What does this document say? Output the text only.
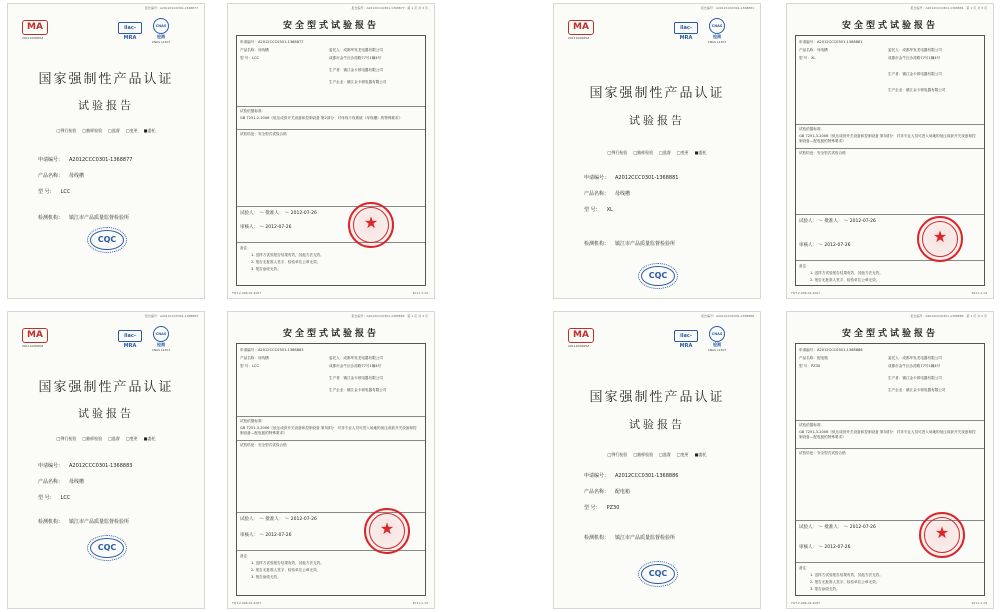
报告编号：A2012CCC0301-1368877
MA
2011100065Z
ilac-MRA
CNAS
检测
CNAS L1307
国家强制性产品认证
试验报告
□例行检验 □抽样检验 □监督 □变更 ■委托
申请编号： A2012CCC0301-1368877
产品名称： 母线槽
型 号： LCC
检测机构： 镇江市产品质量监督检验所
CQC
报告编号：A2012CCC0301-1368877 第 1 页 共 3 页
安全型式试验报告
申请编号：A2012CCC0301-1368877
委托人：成都华发龙电器有限公司
产品名称：母线槽
型 号：LCC	成都市金牛区沙湾路77号1幢4号
生产者：镇江金卡顿电器有限公司
生产企业：镇江金卡顿电器有限公司
试验依据标准：
GB 7251.2-2006《低压成套开关设备和控制设备 第2部分：对母线干线系统（母线槽）的特殊要求》
试验结论：安全型式试验合格
试验人： ～ 批准人： ～ 2012-07-26
审核人： ～ 2012-07-26
备注：
1. 送样方试验报告结果有效，其他方法无效。
2. 报告无批准人签字、检验单位公章无效。
3. 报告涂改无效。
★
TQT-2-096-02-2007	2011-1-19
报告编号：A2012CCC0301-1368881
MA
2011100065Z
ilac-MRA
CNAS
检测
CNAS L1307
国家强制性产品认证
试验报告
□例行检验 □抽样检验 □监督 □变更 ■委托
申请编号： A2012CCC0301-1368881
产品名称： 母线槽
型 号： XL
检测机构： 镇江市产品质量监督检验所
CQC
报告编号：A2012CCC0301-1368881 第 1 页 共 3 页
安全型式试验报告
申请编号：A2012CCC0301-1368881
产品名称：母线槽	委托人：成都华发龙电器有限公司
型 号：XL	成都市金牛区沙湾路77号1幢4号
生产者：镇江金卡顿电器有限公司
生产企业：镇江金卡顿电器有限公司
试验依据标准：
GB 7251.3-2006《低压成套开关设备和控制设备 第3部分：对非专业人员可进入场地的低压成套开关设备和控制设备—配电板的特殊要求》
试验结论：安全型式试验合格
试验人： ～ 批准人： ～ 2012-07-26
审核人： ～ 2012-07-26
备注：
1. 送样方试验报告结果有效，其他方法无效。
2. 报告无批准人签字、检验单位公章无效。
★
TQT-2-096-02-2007	2011-1-19
报告编号：A2012CCC0301-1368883
MA
2011100065Z
ilac-MRA
CNAS
检测
CNAS L1307
国家强制性产品认证
试验报告
□例行检验 □抽样检验 □监督 □变更 ■委托
申请编号： A2012CCC0301-1368883
产品名称： 母线槽
型 号： LCC
检测机构： 镇江市产品质量监督检验所
CQC
报告编号：A2012CCC0301-1368883 第 1 页 共 3 页
安全型式试验报告
申请编号：A2012CCC0301-1368883
产品名称：母线槽	委托人：成都华发龙电器有限公司
型 号：LCC	成都市金牛区沙湾路77号1幢4号
生产者：镇江金卡顿电器有限公司
生产企业：镇江金卡顿电器有限公司
试验依据标准：
GB 7251.3-2006《低压成套开关设备和控制设备 第3部分：对非专业人员可进入场地的低压成套开关设备和控制设备—配电板的特殊要求》
试验结论：安全型式试验合格
试验人： ～ 批准人： ～ 2012-07-26
审核人： ～ 2012-07-26
备注：
1. 送样方试验报告结果有效，其他方法无效。
2. 报告无批准人签字、检验单位公章无效。
3. 报告涂改无效。
★
TQT-2-096-02-2007	2011-1-19
报告编号：A2012CCC0301-1368886
MA
2011100065Z
ilac-MRA
CNAS
检测
CNAS L1307
国家强制性产品认证
试验报告
□例行检验 □抽样检验 □监督 □变更 ■委托
申请编号： A2012CCC0301-1368886
产品名称： 配电箱
型 号： PZ30
检测机构： 镇江市产品质量监督检验所
CQC
报告编号：A2012CCC0301-1368886 第 1 页 共 3 页
安全型式试验报告
申请编号：A2012CCC0301-1368886
产品名称：配电箱	委托人：成都华发龙电器有限公司
型 号：PZ30	成都市金牛区沙湾路77号1幢4号
生产者：镇江金卡顿电器有限公司
生产企业：镇江金卡顿电器有限公司
试验依据标准：
GB 7251.3-2006《低压成套开关设备和控制设备 第3部分：对非专业人员可进入场地的低压成套开关设备和控制设备—配电板的特殊要求》
试验结论：安全型式试验合格
试验人： ～ 批准人： ～ 2012-07-26
审核人： ～ 2012-07-26
备注：
1. 送样方试验报告结果有效，其他方法无效。
2. 报告无批准人签字、检验单位公章无效。
3. 报告涂改无效。
★
TQT-2-096-02-2007	2011-1-19
